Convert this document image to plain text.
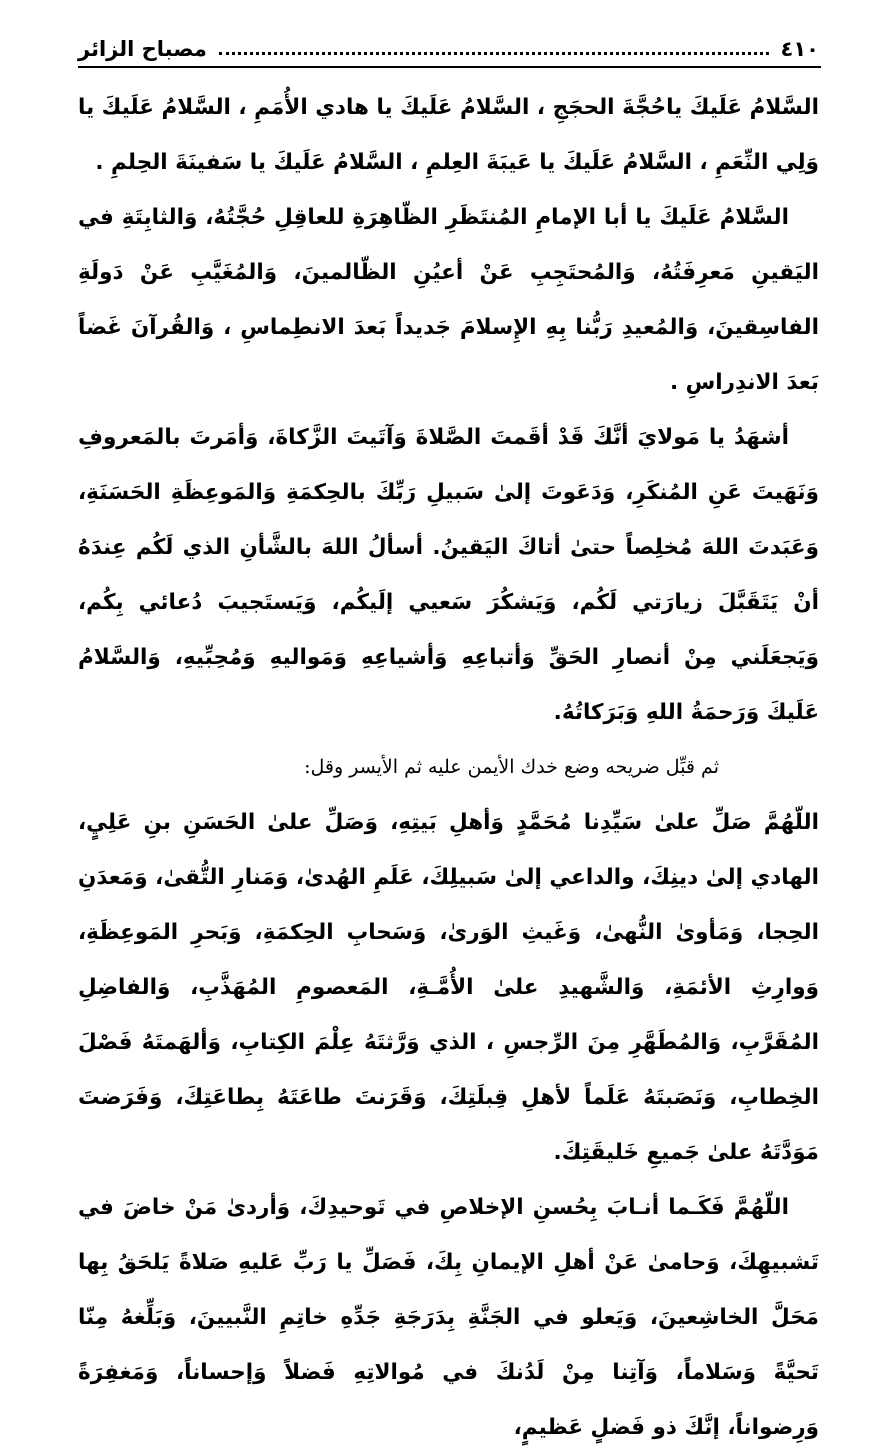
٤١٠
مصباح الزائر

السَّلامُ عَلَيكَ ياحُجَّةَ الحجَجِ ، السَّلامُ عَلَيكَ يا هادي الأُمَمِ ، السَّلامُ عَلَيكَ يا وَلِي النِّعَمِ ، السَّلامُ عَلَيكَ يا عَيبَةَ العِلمِ ، السَّلامُ عَلَيكَ يا سَفينَةَ الحِلمِ .

السَّلامُ عَلَيكَ يا أبا الإمامِ المُنتَظَرِ الظّاهِرَةِ للعاقِلِ حُجَّتُهُ، وَالثابِتَةِ في اليَقينِ مَعرِفَتُهُ، وَالمُحتَجِبِ عَنْ أعيُنِ الظّالمينَ، وَالمُغَيَّبِ عَنْ دَولَةِ الفاسِقينَ، وَالمُعيدِ رَبُّنا بِهِ الإِسلامَ جَديداً بَعدَ الانطِماسِ ، وَالقُرآنَ غَضاً بَعدَ الاندِراسِ .

أشهَدُ يا مَولايَ أنَّكَ قَدْ أقَمتَ الصَّلاةَ وَآتَيتَ الزَّكاةَ، وَأمَرتَ بالمَعروفِ وَنَهَيتَ عَنِ المُنكَرِ، وَدَعَوتَ إلىٰ سَبيلِ رَبِّكَ بالحِكمَةِ وَالمَوعِظَةِ الحَسَنَةِ، وَعَبَدتَ اللهَ مُخلِصاً حتىٰ أتاكَ اليَقينُ. أسألُ اللهَ بالشَّأنِ الذي لَكُم عِندَهُ أنْ يَتَقَبَّلَ زيارَتي لَكُم، وَيَشكُرَ سَعيي إلَيكُم، وَيَستَجيبَ دُعائي بِكُم، وَيَجعَلَني مِنْ أنصارِ الحَقِّ وَأتباعِهِ وَأشياعِهِ وَمَواليهِ وَمُحِبِّيهِ، وَالسَّلامُ عَلَيكَ وَرَحمَةُ اللهِ وَبَرَكاتُهُ.

ثم قبِّل ضريحه وضع خدك الأيمن عليه ثم الأيسر وقل:

اللّهُمَّ صَلِّ علىٰ سَيِّدِنا مُحَمَّدٍ وَأهلِ بَيتِهِ، وَصَلِّ علىٰ الحَسَنِ بنِ عَلِيٍ، الهادي إلىٰ دينِكَ، والداعي إلىٰ سَبيلِكَ، عَلَمِ الهُدىٰ، وَمَنارِ التُّقىٰ، وَمَعدَنِ الحِجا، وَمَأوىٰ النُّهىٰ، وَغَيثِ الوَرىٰ، وَسَحابِ الحِكمَةِ، وَبَحرِ المَوعِظَةِ، وَوارِثِ الأئمَةِ، وَالشَّهيدِ علىٰ الأُمَّـةِ، المَعصومِ المُهَذَّبِ، وَالفاضِلِ المُقَرَّبِ، وَالمُطَهَّرِ مِنَ الرِّجسِ ، الذي وَرَّثتَهُ عِلْمَ الكِتابِ، وَألهَمتَهُ فَصْلَ الخِطابِ، وَنَصَبتَهُ عَلَماً لأهلِ قِبلَتِكَ، وَقَرَنتَ طاعَتَهُ بِطاعَتِكَ، وَفَرَضتَ مَوَدَّتَهُ علىٰ جَميعِ خَليقَتِكَ.

اللّهُمَّ فَكَـما أنـابَ بِحُسنِ الإخلاصِ في تَوحيدِكَ، وَأردىٰ مَنْ خاضَ في تَشبيهِكَ، وَحامىٰ عَنْ أهلِ الإيمانِ بِكَ، فَصَلِّ يا رَبِّ عَليهِ صَلاةً يَلحَقُ بِها مَحَلَّ الخاشِعينَ، وَيَعلو في الجَنَّةِ بِدَرَجَةِ جَدِّهِ خاتِمِ النَّبيينَ، وَبَلِّغهُ مِنّا تَحيَّةً وَسَلاماً، وَآتِنا مِنْ لَدُنكَ في مُوالاتِهِ فَضلاً وَإحساناً، وَمَغفِرَةً وَرِضواناً، إنَّكَ ذو فَضلٍ عَظيمٍ،
